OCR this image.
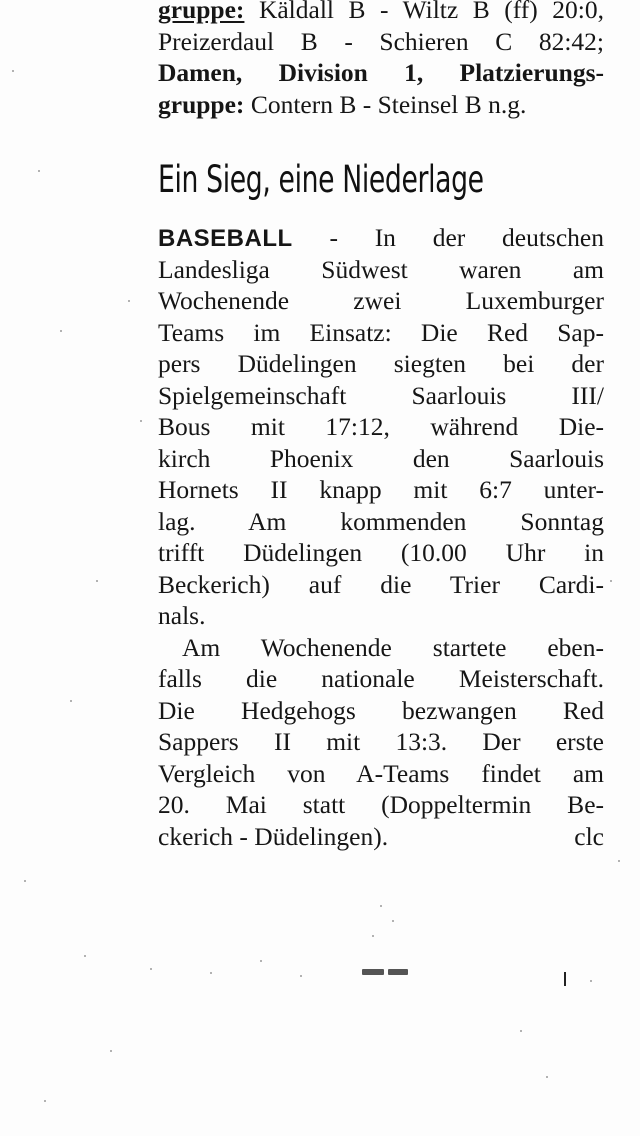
gruppe: Käldall B - Wiltz B (ff) 20:0,
Preizerdaul B - Schieren C 82:42;
Damen, Division 1, Platzierungs-
gruppe: Contern B - Steinsel B n.g.
Ein Sieg, eine Niederlage
BASEBALL - In der deutschen
Landesliga Südwest waren am
Wochenende zwei Luxemburger
Teams im Einsatz: Die Red Sap-
pers Düdelingen siegten bei der
Spielgemeinschaft Saarlouis III/
Bous mit 17:12, während Die-
kirch Phoenix den Saarlouis
Hornets II knapp mit 6:7 unter-
lag. Am kommenden Sonntag
trifft Düdelingen (10.00 Uhr in
Beckerich) auf die Trier Cardi-
nals.
Am Wochenende startete eben-
falls die nationale Meisterschaft.
Die Hedgehogs bezwangen Red
Sappers II mit 13:3. Der erste
Vergleich von A-Teams findet am
20. Mai statt (Doppeltermin Be-
ckerich - Düdelingen).	clc
